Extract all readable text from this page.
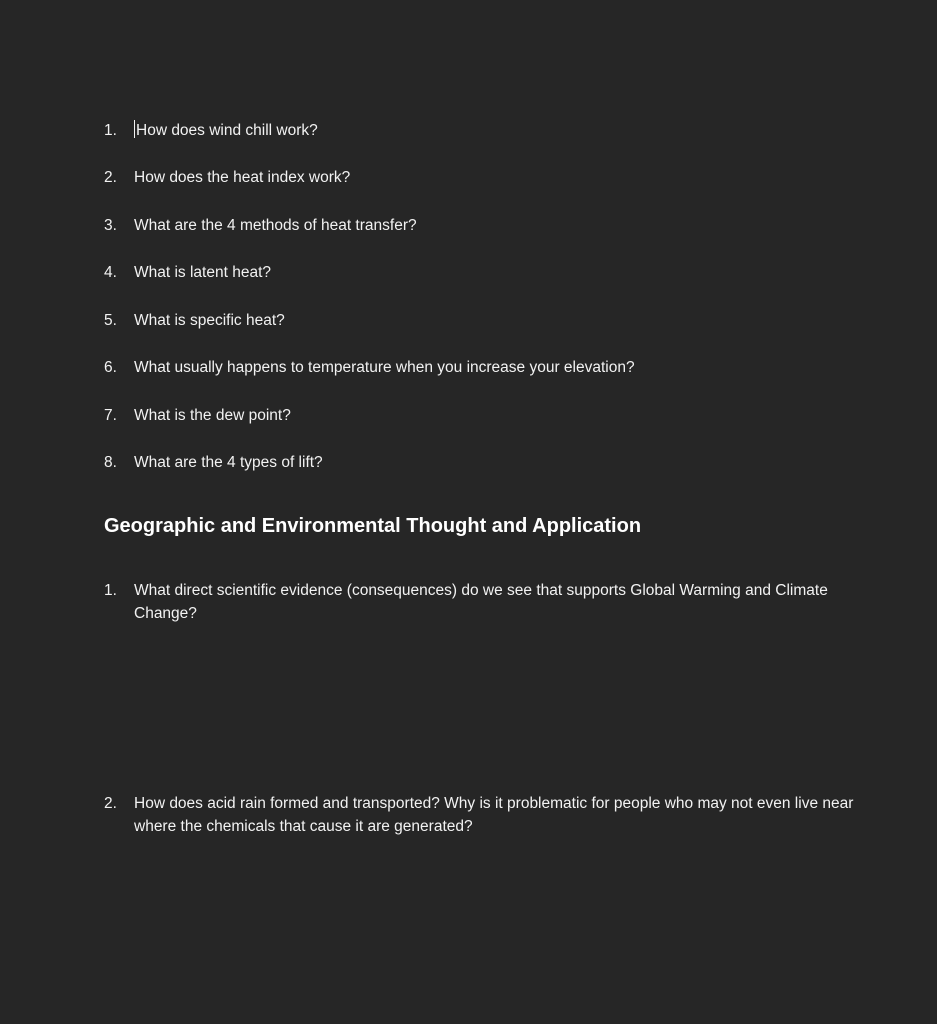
1.	How does wind chill work?
2.	How does the heat index work?
3.	What are the 4 methods of heat transfer?
4.	What is latent heat?
5.	What is specific heat?
6.	What usually happens to temperature when you increase your elevation?
7.	What is the dew point?
8.	What are the 4 types of lift?
Geographic and Environmental Thought and Application
1.	What direct scientific evidence (consequences) do we see that supports Global Warming and Climate Change?
2.	How does acid rain formed and transported? Why is it problematic for people who may not even live near where the chemicals that cause it are generated?
